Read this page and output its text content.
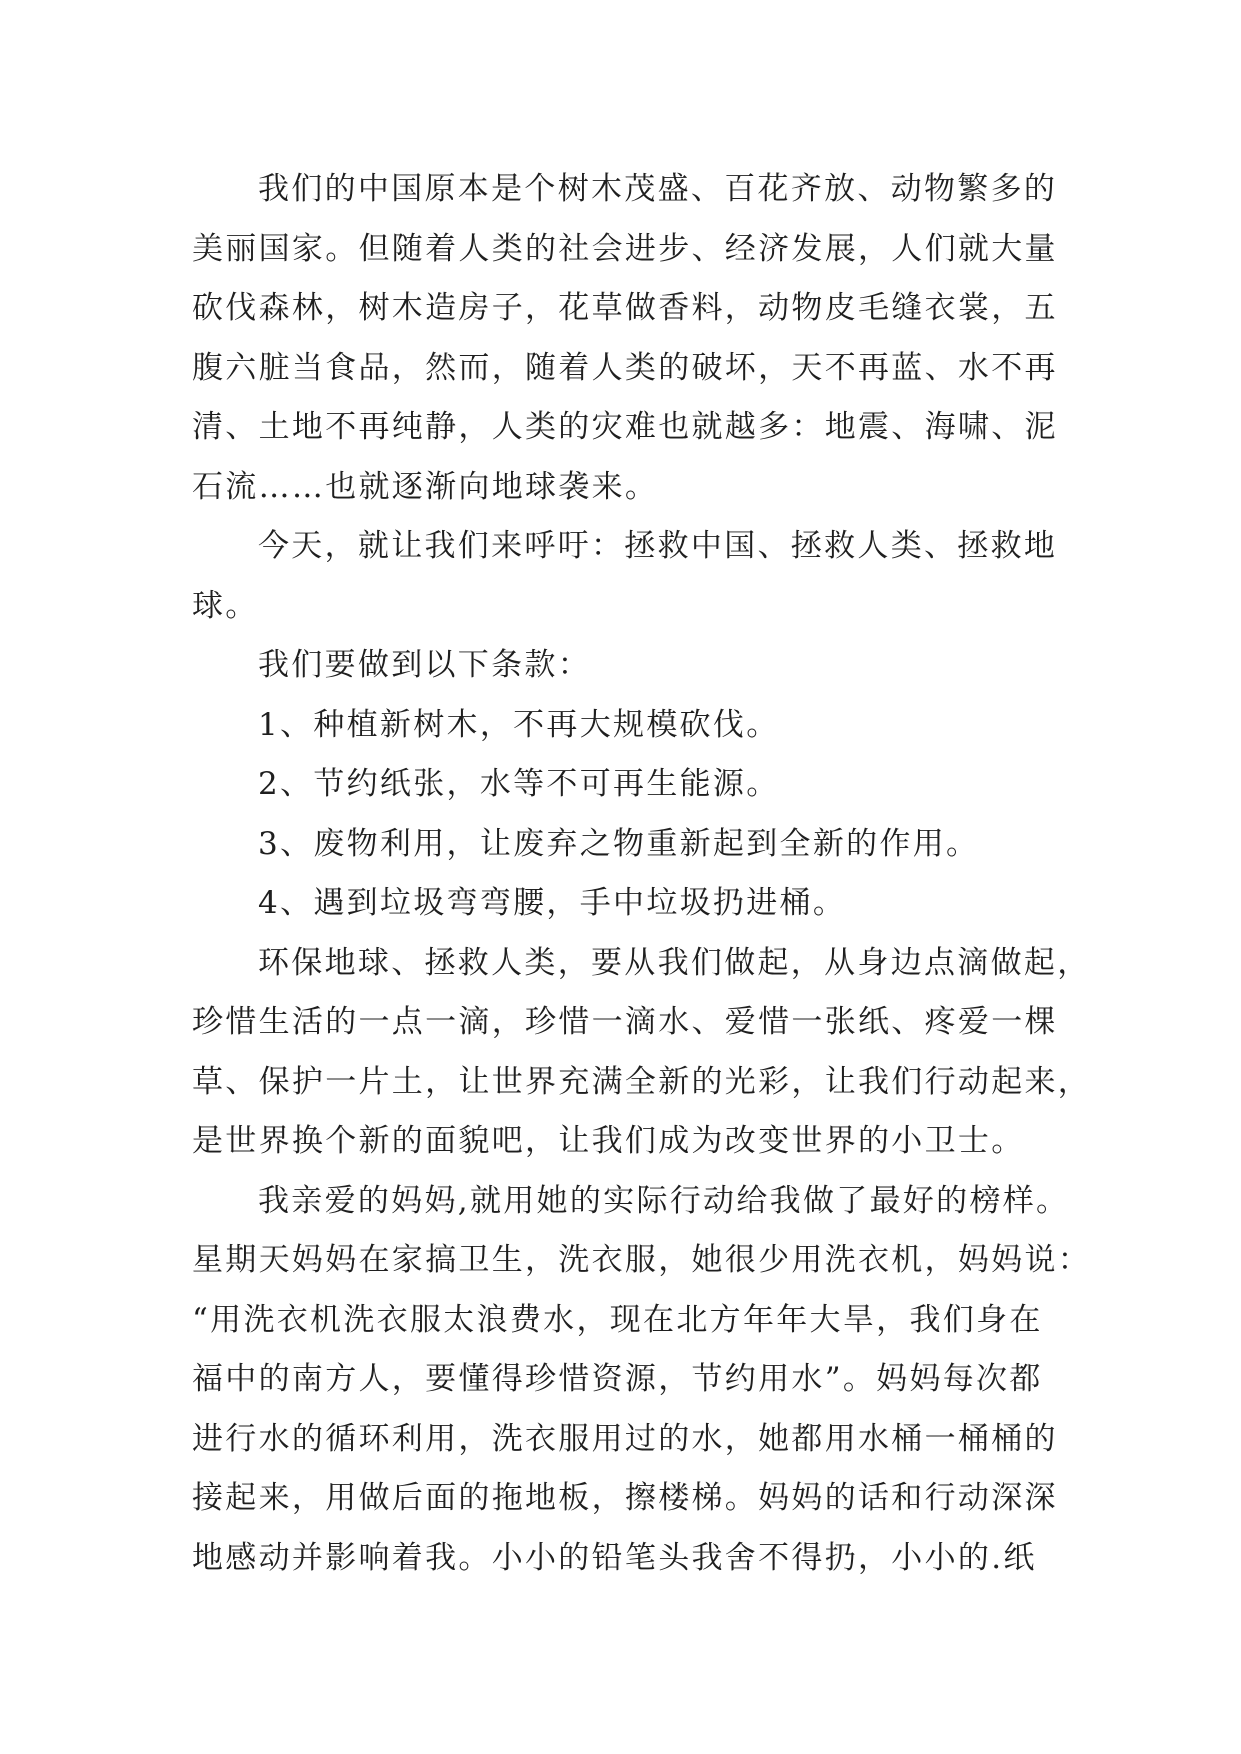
我们的中国原本是个树木茂盛、百花齐放、动物繁多的
美丽国家。但随着人类的社会进步、经济发展，人们就大量
砍伐森林，树木造房子，花草做香料，动物皮毛缝衣裳，五
腹六脏当食品，然而，随着人类的破坏，天不再蓝、水不再
清、土地不再纯静，人类的灾难也就越多：地震、海啸、泥
石流……也就逐渐向地球袭来。

今天，就让我们来呼吁：拯救中国、拯救人类、拯救地
球。

我们要做到以下条款：

1、种植新树木，不再大规模砍伐。

2、节约纸张，水等不可再生能源。

3、废物利用，让废弃之物重新起到全新的作用。

4、遇到垃圾弯弯腰，手中垃圾扔进桶。

环保地球、拯救人类，要从我们做起，从身边点滴做起，
珍惜生活的一点一滴，珍惜一滴水、爱惜一张纸、疼爱一棵
草、保护一片土，让世界充满全新的光彩，让我们行动起来，
是世界换个新的面貌吧，让我们成为改变世界的小卫士。

我亲爱的妈妈,就用她的实际行动给我做了最好的榜样。
星期天妈妈在家搞卫生，洗衣服，她很少用洗衣机，妈妈说：
“用洗衣机洗衣服太浪费水，现在北方年年大旱，我们身在
福中的南方人，要懂得珍惜资源，节约用水”。妈妈每次都
进行水的循环利用，洗衣服用过的水，她都用水桶一桶桶的
接起来，用做后面的拖地板，擦楼梯。妈妈的话和行动深深
地感动并影响着我。小小的铅笔头我舍不得扔，小小的.纸
